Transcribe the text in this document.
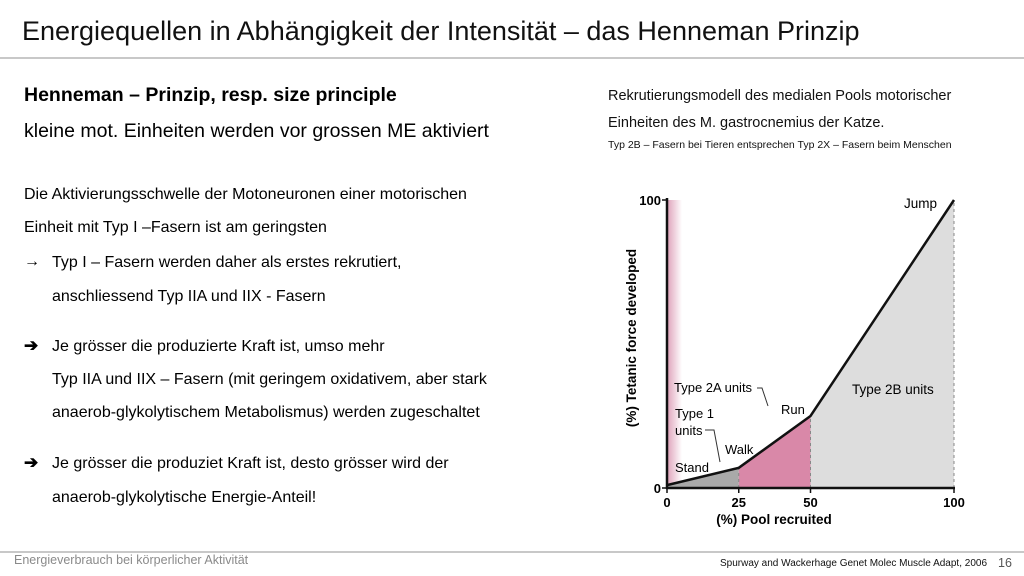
Energiequellen in Abhängigkeit der Intensität – das Henneman Prinzip
Henneman – Prinzip, resp. size principle
kleine mot. Einheiten werden vor grossen ME aktiviert
Die Aktivierungsschwelle der Motoneuronen einer motorischen
Einheit mit Typ I –Fasern ist am geringsten
→ Typ I – Fasern werden daher als erstes rekrutiert,
anschliessend Typ IIA und IIX - Fasern
➔ Je grösser die produzierte Kraft ist, umso mehr
Typ IIA und IIX – Fasern (mit geringem oxidativem, aber stark
anaerob-glykolytischem Metabolismus) werden zugeschaltet
➔ Je grösser die produziet Kraft ist, desto grösser wird der
anaerob-glykolytische Energie-Anteil!
Rekrutierungsmodell des medialen Pools motorischer
Einheiten des M. gastrocnemius der Katze.
Typ 2B – Fasern bei Tieren entsprechen Typ 2X – Fasern beim Menschen
0	25	50	100
0
100
(%) Pool recruited
(%) Tetanic force developed
Stand
Walk
Run
Jump
Type 2A units
Type 1
units
Type 2B units
Energieverbrauch bei körperlicher Aktivität	Spurway and Wackerhage Genet Molec Muscle Adapt, 2006 16
